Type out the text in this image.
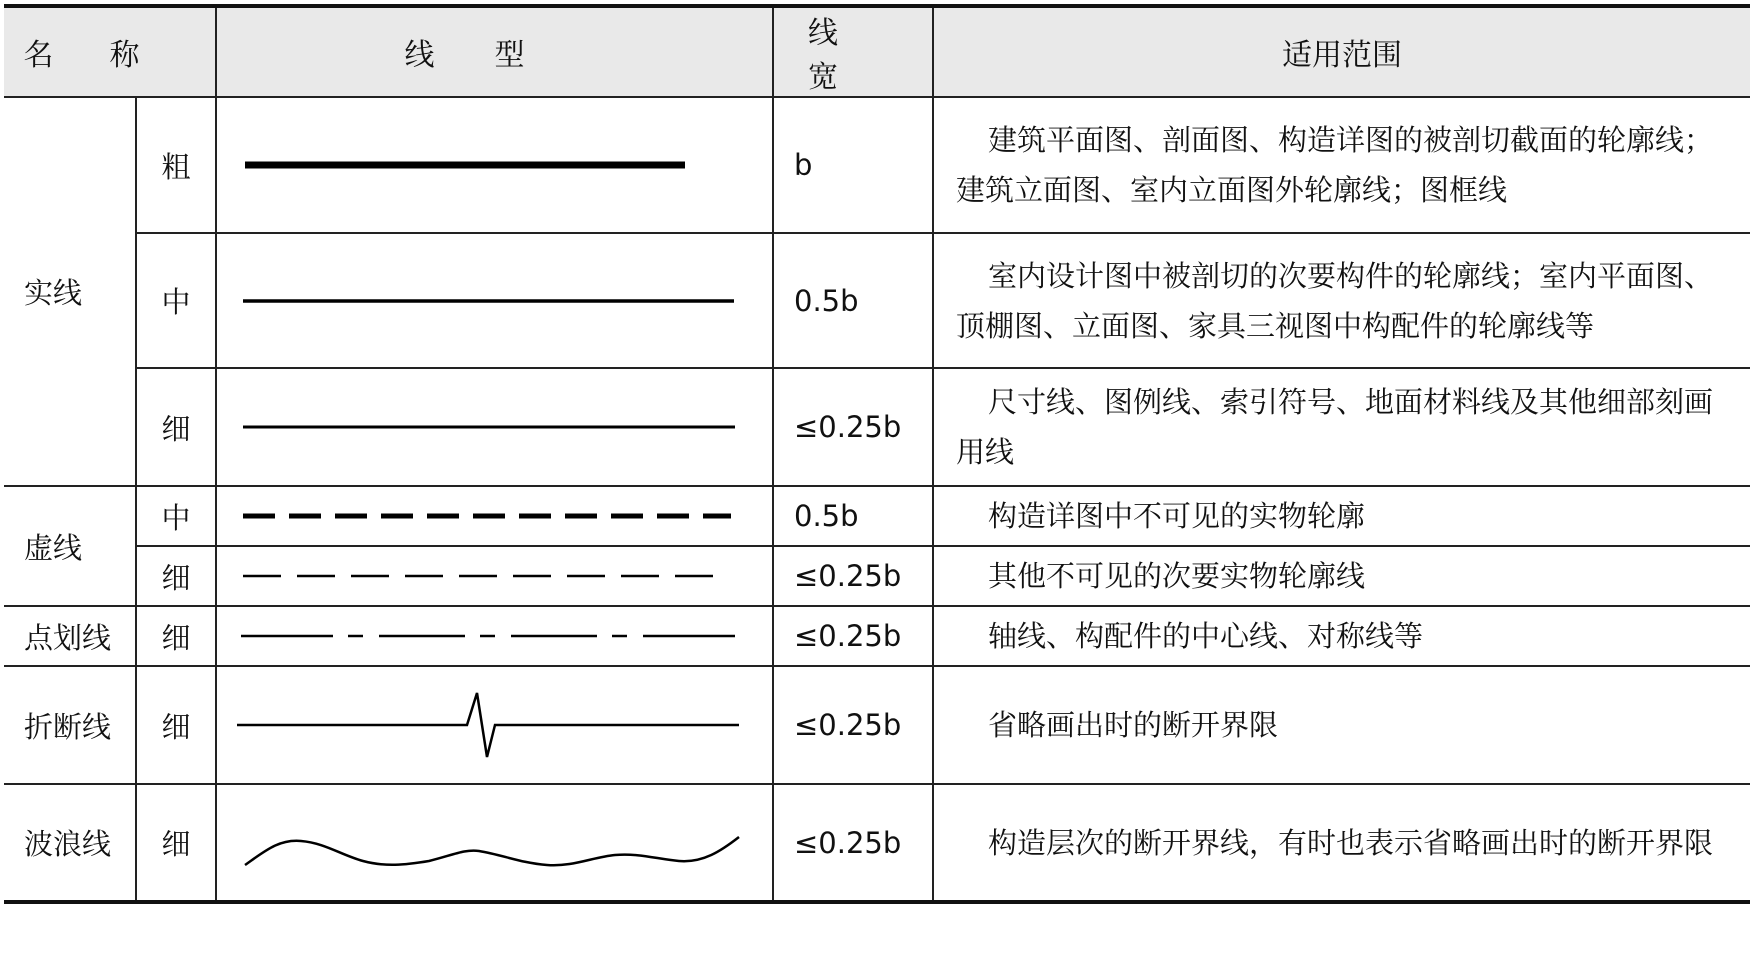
名称		线型	线宽	适用范围
实线	粗		b	建筑平面图、剖面图、构造详图的被剖切截面的轮廓线；建筑立面图、室内立面图外轮廓线；图框线

	中		0.5b	室内设计图中被剖切的次要构件的轮廓线；室内平面图、顶棚图、立面图、家具三视图中构配件的轮廓线等

	细		≤0.25b	尺寸线、图例线、索引符号、地面材料线及其他细部刻画用线

虚线	中		0.5b	构造详图中不可见的实物轮廓

	细		≤0.25b	其他不可见的次要实物轮廓线

点划线	细		≤0.25b	轴线、构配件的中心线、对称线等

折断线	细		≤0.25b	省略画出时的断开界限

波浪线	细		≤0.25b	构造层次的断开界线，有时也表示省略画出时的断开界限
